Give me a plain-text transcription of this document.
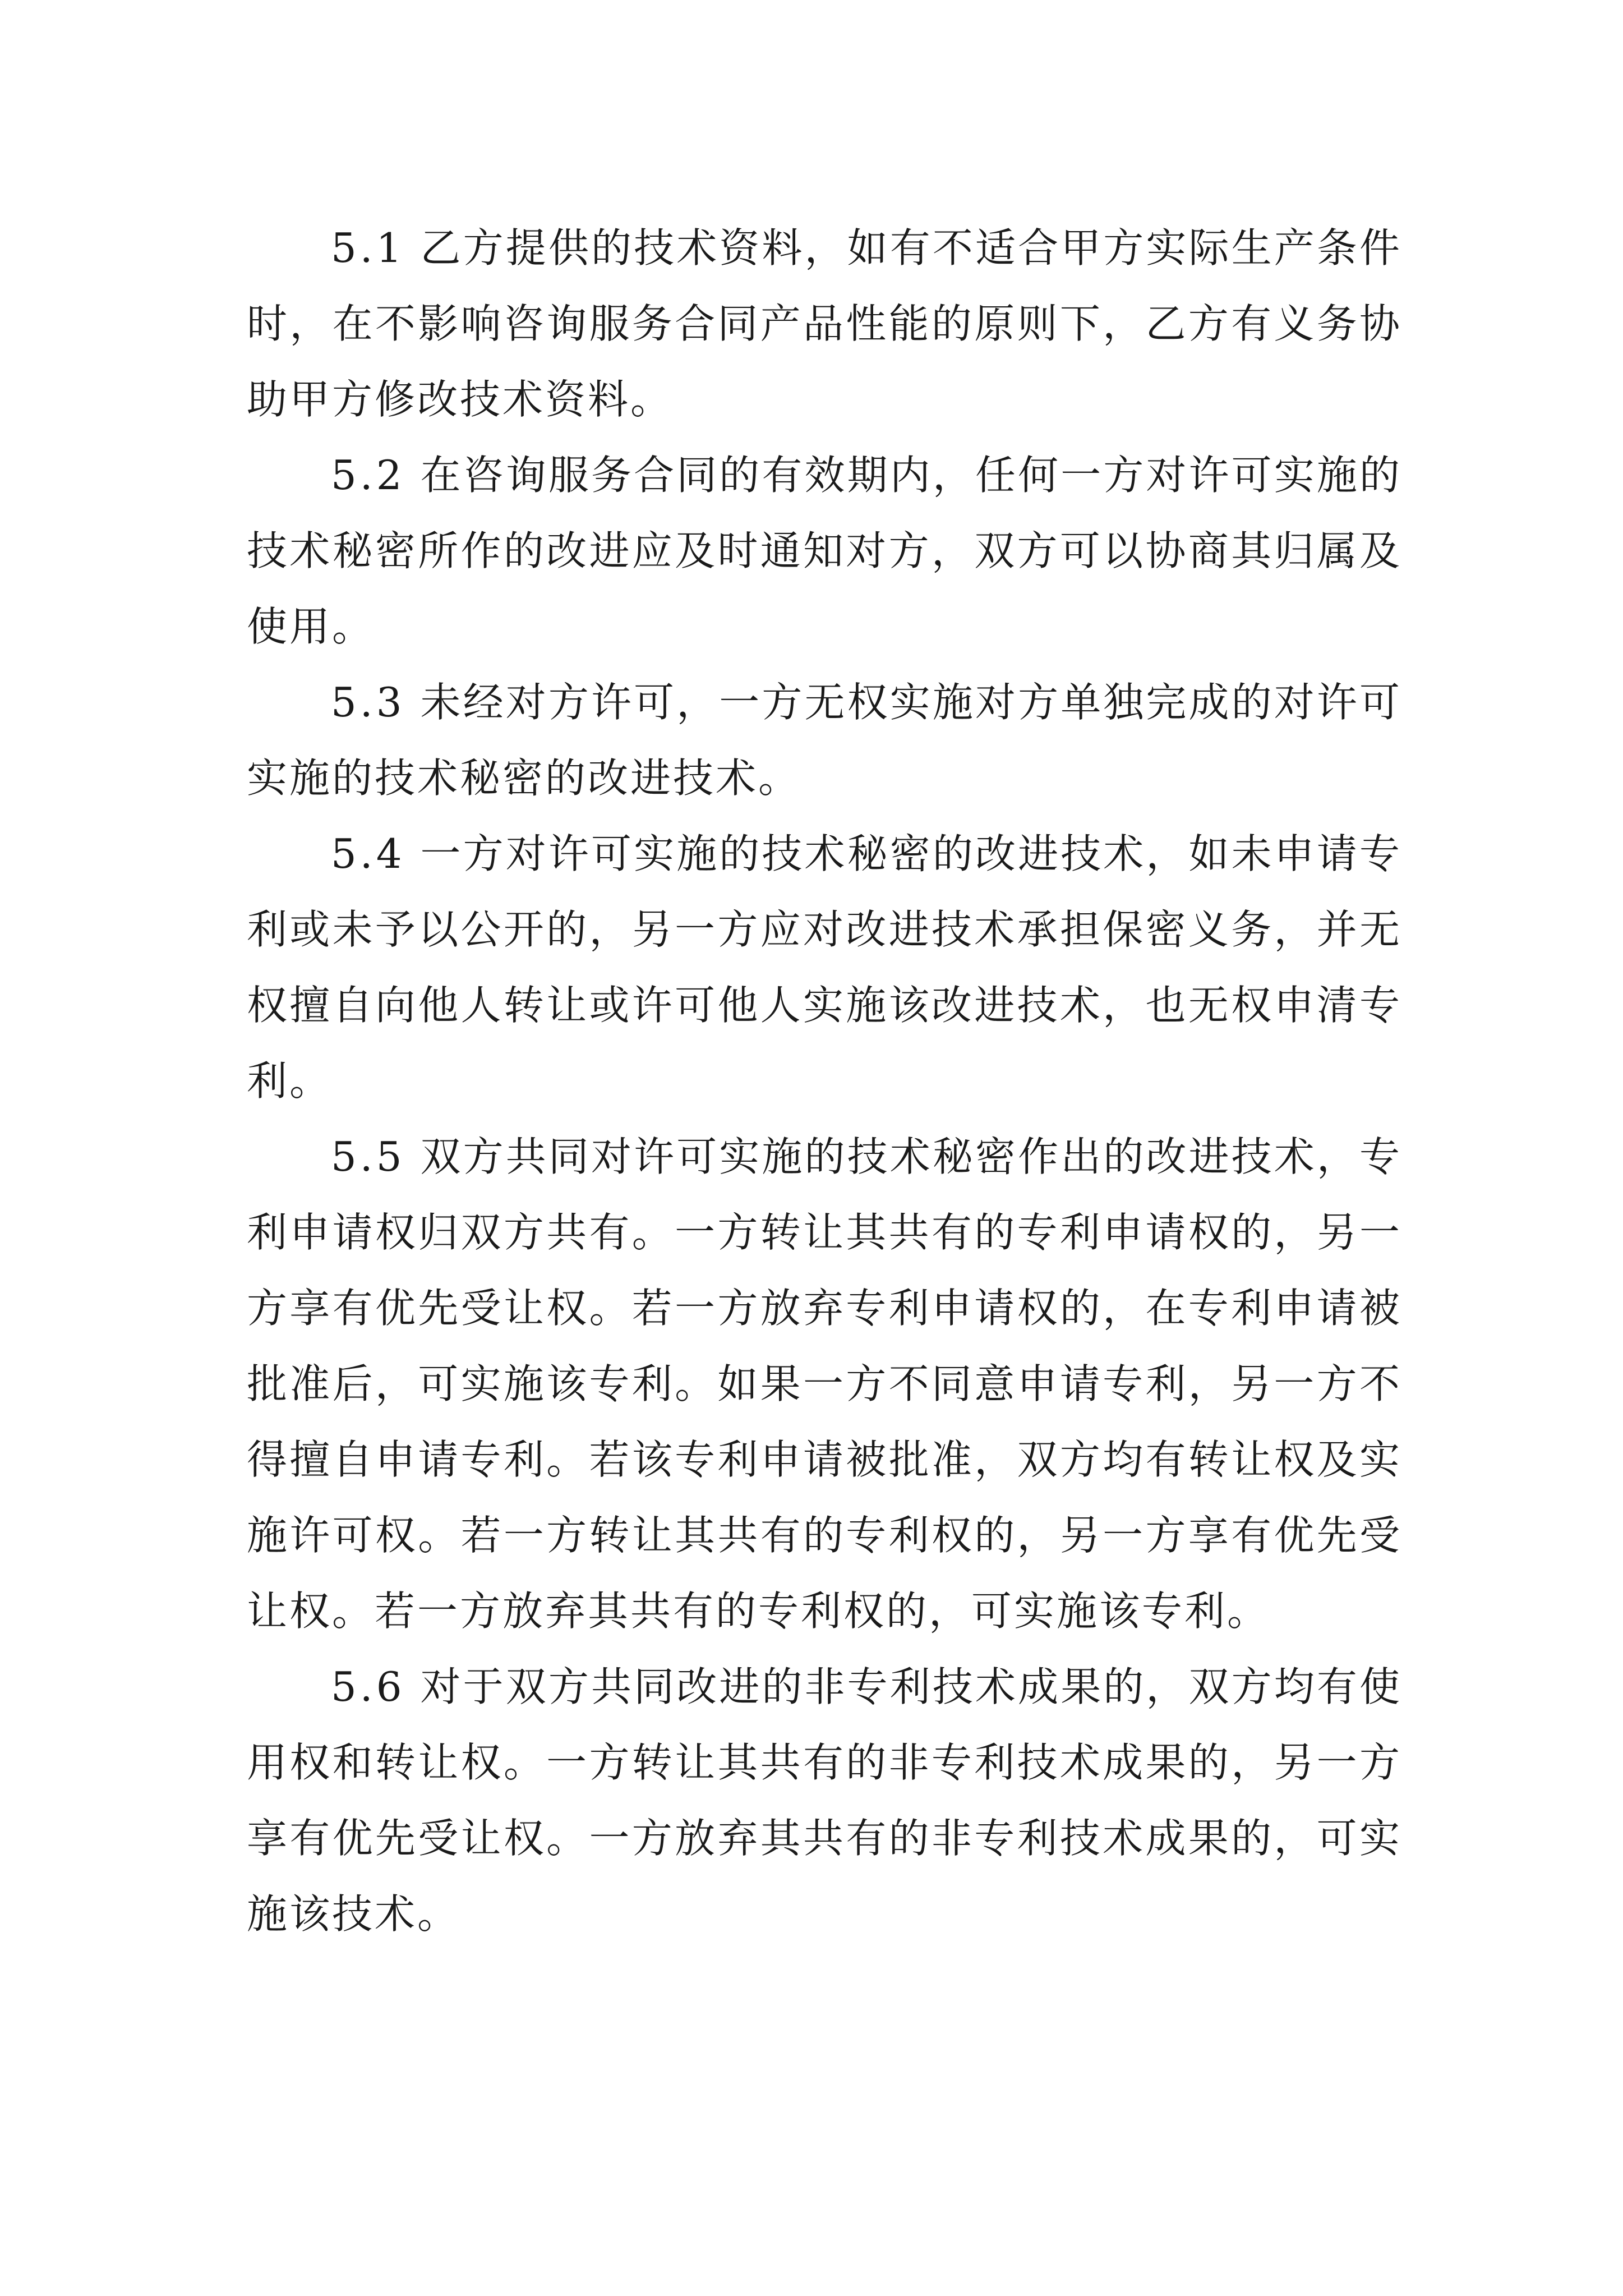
5.1 乙方提供的技术资料，如有不适合甲方实际生产条件时，在不影响咨询服务合同产品性能的原则下，乙方有义务协助甲方修改技术资料。

5.2 在咨询服务合同的有效期内，任何一方对许可实施的技术秘密所作的改进应及时通知对方，双方可以协商其归属及使用。

5.3 未经对方许可，一方无权实施对方单独完成的对许可实施的技术秘密的改进技术。

5.4 一方对许可实施的技术秘密的改进技术，如未申请专利或未予以公开的，另一方应对改进技术承担保密义务，并无权擅自向他人转让或许可他人实施该改进技术，也无权申清专利。

5.5 双方共同对许可实施的技术秘密作出的改进技术，专利申请权归双方共有。一方转让其共有的专利申请权的，另一方享有优先受让权。若一方放弃专利申请权的，在专利申请被批准后，可实施该专利。如果一方不同意申请专利，另一方不得擅自申请专利。若该专利申请被批准，双方均有转让权及实施许可权。若一方转让其共有的专利权的，另一方享有优先受让权。若一方放弃其共有的专利权的，可实施该专利。

5.6 对于双方共同改进的非专利技术成果的，双方均有使用权和转让权。一方转让其共有的非专利技术成果的，另一方享有优先受让权。一方放弃其共有的非专利技术成果的，可实施该技术。
